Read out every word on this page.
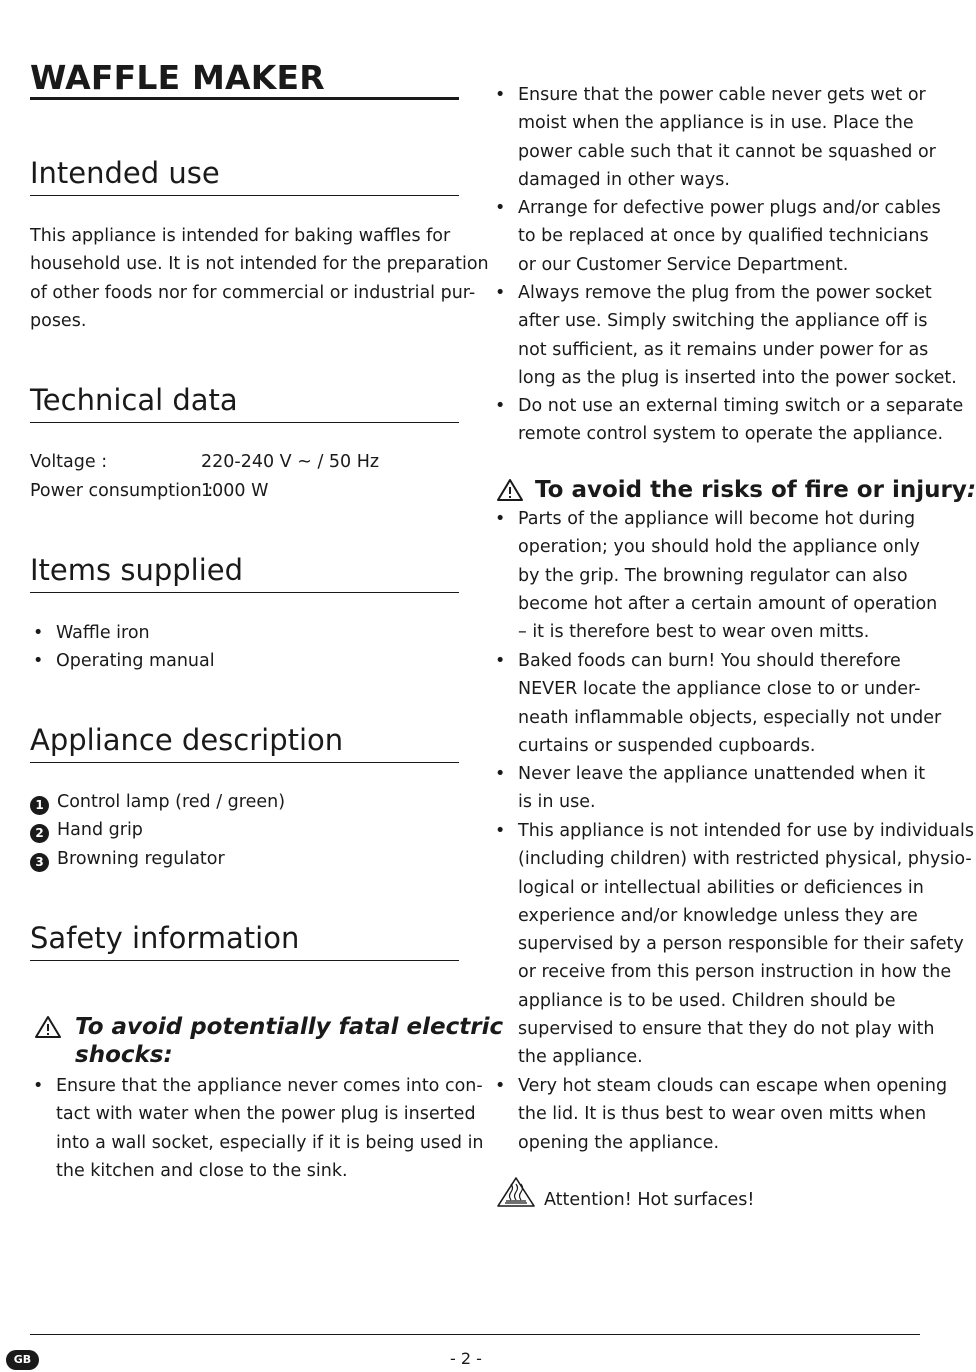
WAFFLE MAKER
Intended use
This appliance is intended for baking waffles for
household use. It is not intended for the preparation
of other foods nor for commercial or industrial pur-
poses.
Technical data
Voltage :	220-240 V ~ / 50 Hz
Power consumption :1000 W
Items supplied
• Waffle iron
• Operating manual
Appliance description
1 Control lamp (red / green)
2 Hand grip
3 Browning regulator
Safety information
To avoid potentially fatal electric
shocks:
• Ensure that the appliance never comes into con-
tact with water when the power plug is inserted
into a wall socket, especially if it is being used in
the kitchen and close to the sink.
• Ensure that the power cable never gets wet or
moist when the appliance is in use. Place the
power cable such that it cannot be squashed or
damaged in other ways.
• Arrange for defective power plugs and/or cables
to be replaced at once by qualified technicians
or our Customer Service Department.
• Always remove the plug from the power socket
after use. Simply switching the appliance off is
not sufficient, as it remains under power for as
long as the plug is inserted into the power socket.
• Do not use an external timing switch or a separate
remote control system to operate the appliance.
To avoid the risks of fire or injury:
• Parts of the appliance will become hot during
operation; you should hold the appliance only
by the grip. The browning regulator can also
become hot after a certain amount of operation
– it is therefore best to wear oven mitts.
• Baked foods can burn! You should therefore
NEVER locate the appliance close to or under-
neath inflammable objects, especially not under
curtains or suspended cupboards.
• Never leave the appliance unattended when it
is in use.
• This appliance is not intended for use by individuals
(including children) with restricted physical, physio-
logical or intellectual abilities or deficiences in
experience and/or knowledge unless they are
supervised by a person responsible for their safety
or receive from this person instruction in how the
appliance is to be used. Children should be
supervised to ensure that they do not play with
the appliance.
• Very hot steam clouds can escape when opening
the lid. It is thus best to wear oven mitts when
opening the appliance.
Attention! Hot surfaces!
GB	- 2 -
